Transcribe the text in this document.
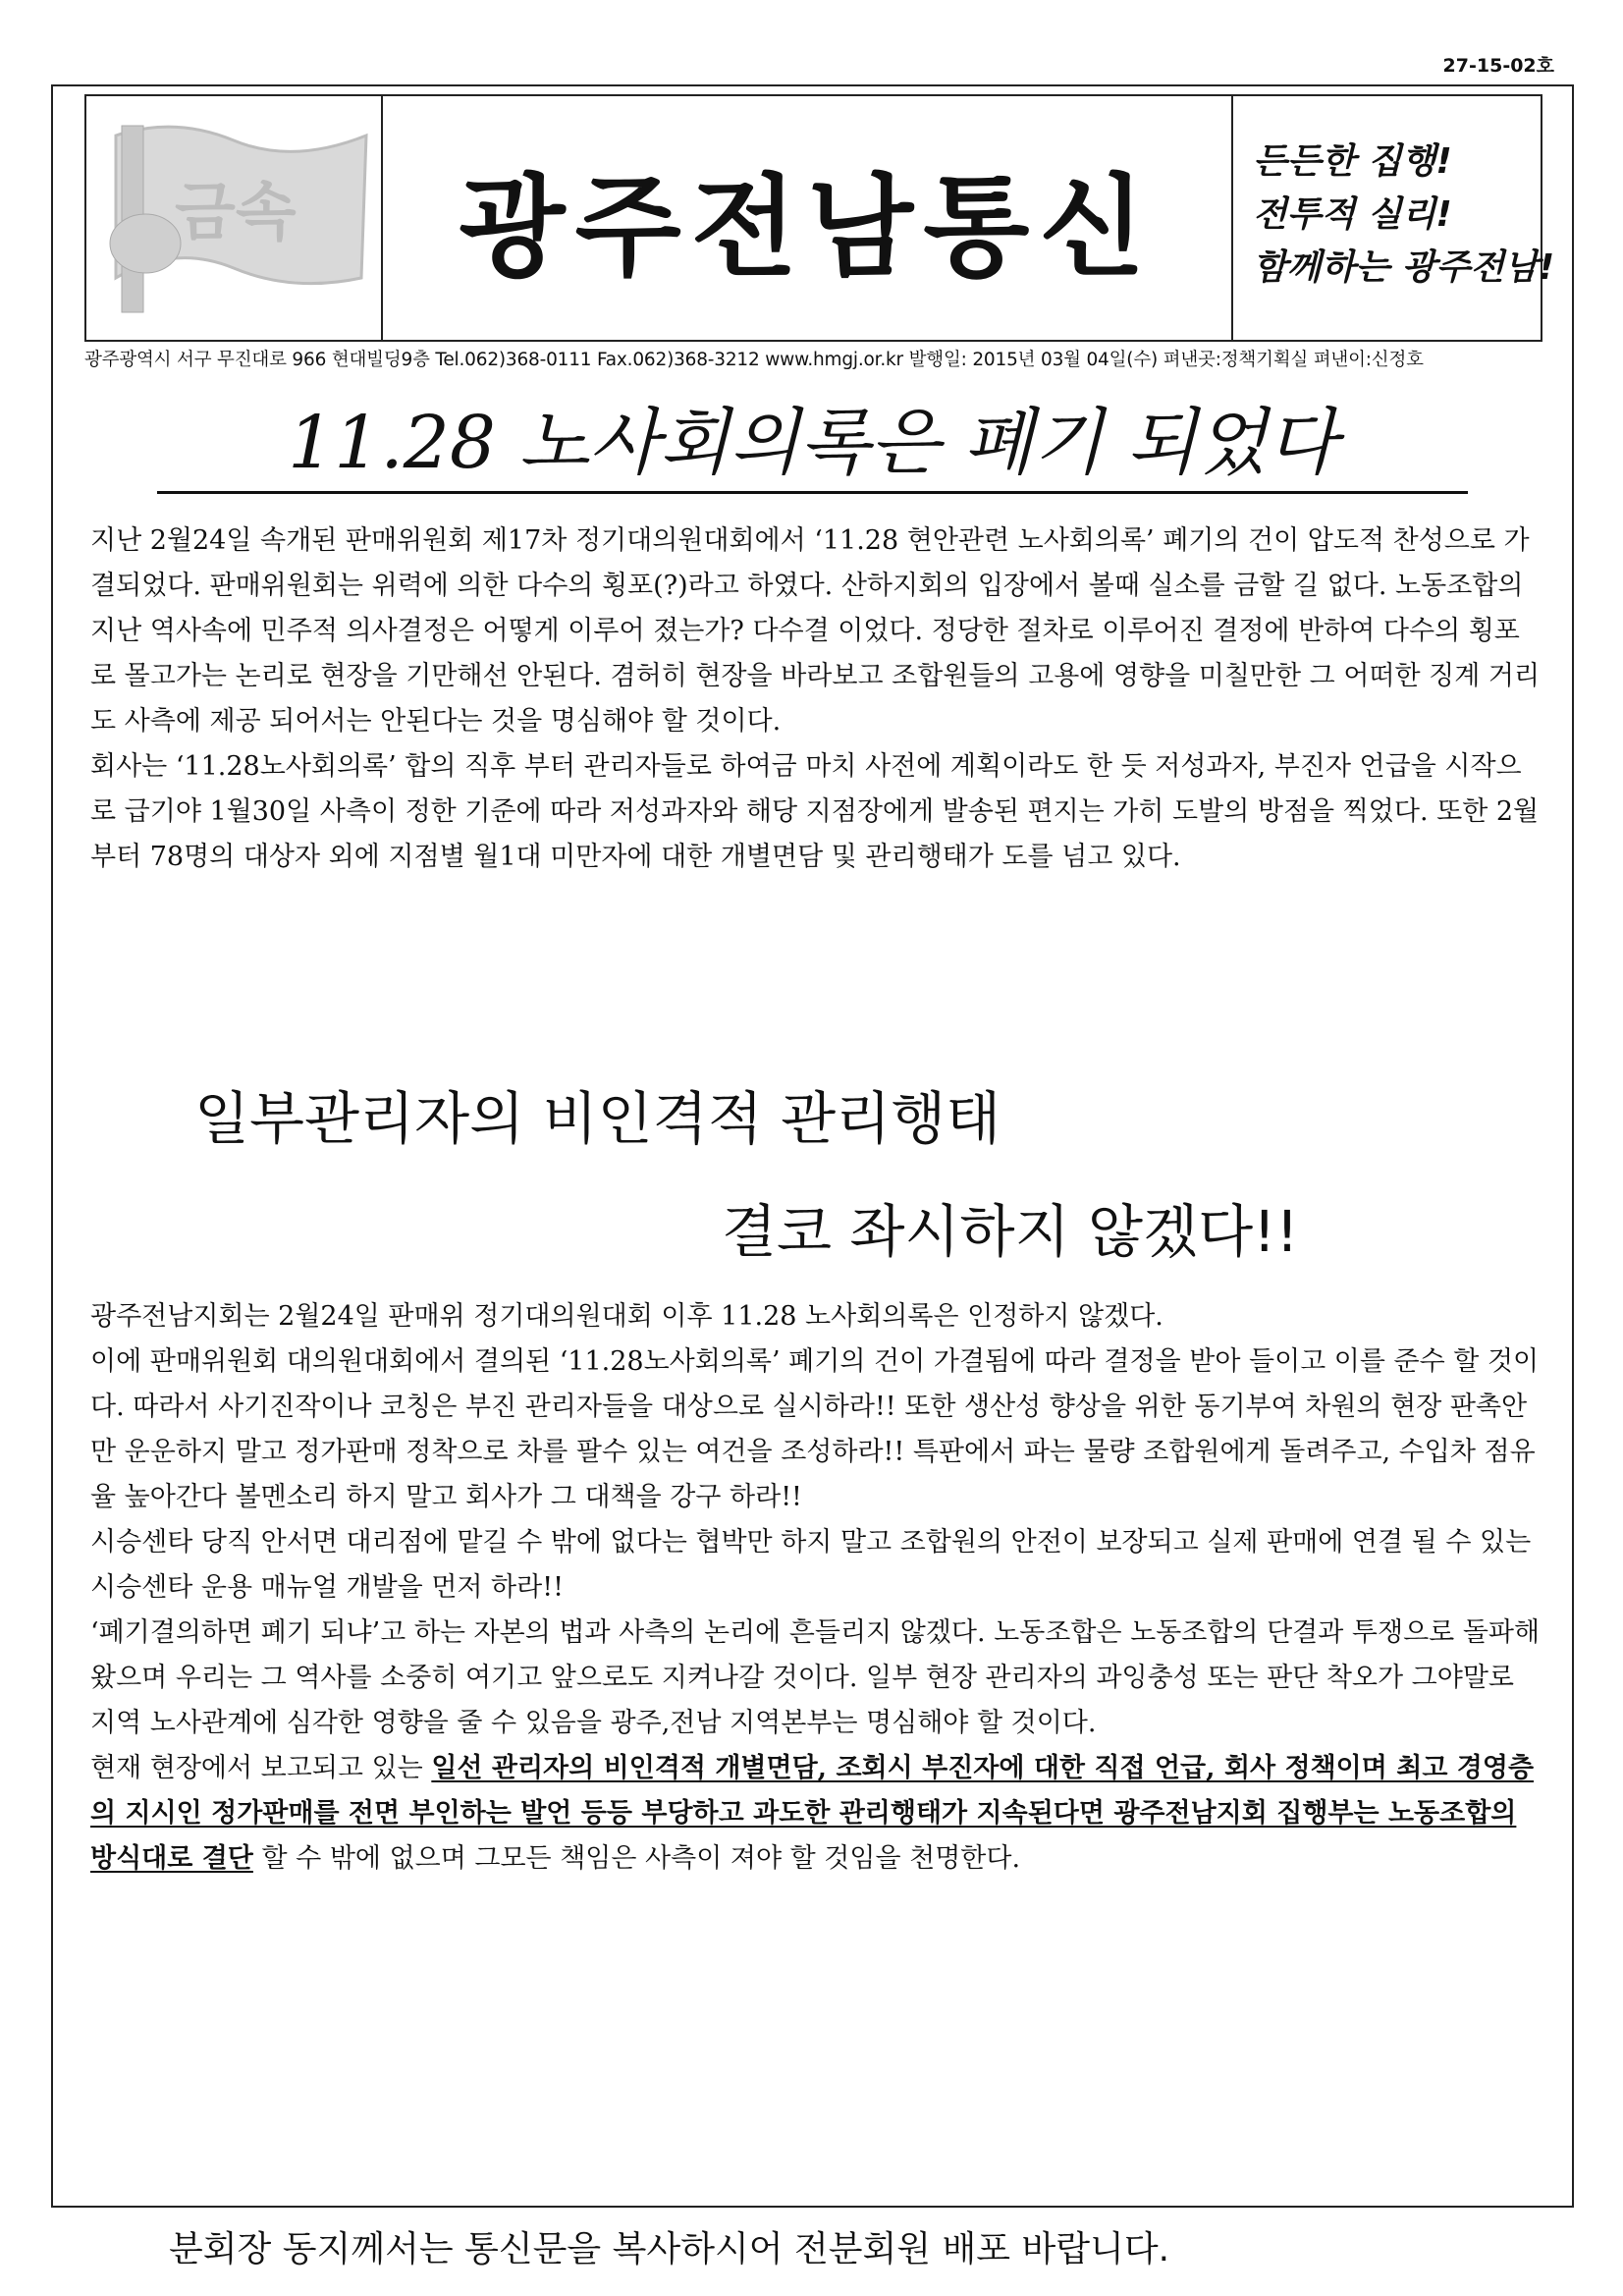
27-15-02호
금속	광주전남통신
든든한 집행!
전투적 실리!
함께하는 광주전남!
광주광역시 서구 무진대로 966 현대빌딩9층 Tel.062)368-0111 Fax.062)368-3212 www.hmgj.or.kr 발행일: 2015년 03월 04일(수) 펴낸곳:정책기획실 펴낸이:신정호
11.28 노사회의록은 폐기 되었다

지난 2월24일 속개된 판매위원회 제17차 정기대의원대회에서 ‘11.28 현안관련 노사회의록’ 폐기의 건이 압도적 찬성으로 가결되었다. 판매위원회는 위력에 의한 다수의 횡포(?)라고 하였다. 산하지회의 입장에서 볼때 실소를 금할 길 없다. 노동조합의 지난 역사속에 민주적 의사결정은 어떻게 이루어 졌는가? 다수결 이었다. 정당한 절차로 이루어진 결정에 반하여 다수의 횡포로 몰고가는 논리로 현장을 기만해선 안된다. 겸허히 현장을 바라보고 조합원들의 고용에 영향을 미칠만한 그 어떠한 징계 거리도 사측에 제공 되어서는 안된다는 것을 명심해야 할 것이다.

회사는 ‘11.28노사회의록’ 합의 직후 부터 관리자들로 하여금 마치 사전에 계획이라도 한 듯 저성과자, 부진자 언급을 시작으로 급기야 1월30일 사측이 정한 기준에 따라 저성과자와 해당 지점장에게 발송된 편지는 가히 도발의 방점을 찍었다. 또한 2월부터 78명의 대상자 외에 지점별 월1대 미만자에 대한 개별면담 및 관리행태가 도를 넘고 있다.

일부관리자의 비인격적 관리행태
결코 좌시하지 않겠다!!

광주전남지회는 2월24일 판매위 정기대의원대회 이후 11.28 노사회의록은 인정하지 않겠다.

이에 판매위원회 대의원대회에서 결의된 ‘11.28노사회의록’ 폐기의 건이 가결됨에 따라 결정을 받아 들이고 이를 준수 할 것이다. 따라서 사기진작이나 코칭은 부진 관리자들을 대상으로 실시하라!! 또한 생산성 향상을 위한 동기부여 차원의 현장 판촉안만 운운하지 말고 정가판매 정착으로 차를 팔수 있는 여건을 조성하라!! 특판에서 파는 물량 조합원에게 돌려주고, 수입차 점유율 높아간다 볼멘소리 하지 말고 회사가 그 대책을 강구 하라!!

시승센타 당직 안서면 대리점에 맡길 수 밖에 없다는 협박만 하지 말고 조합원의 안전이 보장되고 실제 판매에 연결 될 수 있는 시승센타 운용 매뉴얼 개발을 먼저 하라!!

‘폐기결의하면 폐기 되냐’고 하는 자본의 법과 사측의 논리에 흔들리지 않겠다. 노동조합은 노동조합의 단결과 투쟁으로 돌파해왔으며 우리는 그 역사를 소중히 여기고 앞으로도 지켜나갈 것이다. 일부 현장 관리자의 과잉충성 또는 판단 착오가 그야말로 지역 노사관계에 심각한 영향을 줄 수 있음을 광주,전남 지역본부는 명심해야 할 것이다.

현재 현장에서 보고되고 있는 일선 관리자의 비인격적 개별면담, 조회시 부진자에 대한 직접 언급, 회사 정책이며 최고 경영층의 지시인 정가판매를 전면 부인하는 발언 등등 부당하고 과도한 관리행태가 지속된다면 광주전남지회 집행부는 노동조합의 방식대로 결단 할 수 밖에 없으며 그모든 책임은 사측이 져야 할 것임을 천명한다.

분회장 동지께서는 통신문을 복사하시어 전분회원 배포 바랍니다.
